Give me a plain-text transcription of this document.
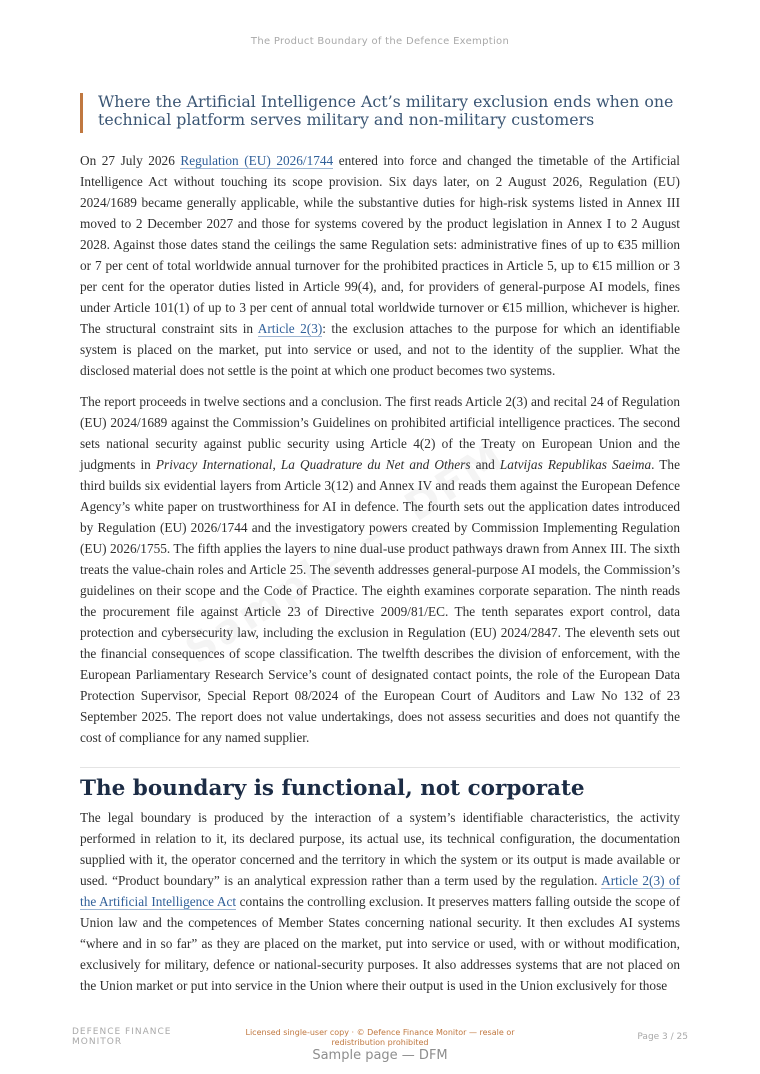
The Product Boundary of the Defence Exemption
Where the Artificial Intelligence Act’s military exclusion ends when one technical platform serves military and non-military customers

On 27 July 2026 Regulation (EU) 2026/1744 entered into force and changed the timetable of the Artificial Intelligence Act without touching its scope provision. Six days later, on 2 August 2026, Regulation (EU) 2024/1689 became generally applicable, while the substantive duties for high-risk systems listed in Annex III moved to 2 December 2027 and those for systems covered by the product legislation in Annex I to 2 August 2028. Against those dates stand the ceilings the same Regulation sets: administrative fines of up to €35 million or 7 per cent of total worldwide annual turnover for the prohibited practices in Article 5, up to €15 million or 3 per cent for the operator duties listed in Article 99(4), and, for providers of general-purpose AI models, fines under Article 101(1) of up to 3 per cent of annual total worldwide turnover or €15 million, whichever is higher. The structural constraint sits in Article 2(3): the exclusion attaches to the purpose for which an identifiable system is placed on the market, put into service or used, and not to the identity of the supplier. What the disclosed material does not settle is the point at which one product becomes two systems.

The report proceeds in twelve sections and a conclusion. The first reads Article 2(3) and recital 24 of Regulation (EU) 2024/1689 against the Commission’s Guidelines on prohibited artificial intelligence practices. The second sets national security against public security using Article 4(2) of the Treaty on European Union and the judgments in Privacy International, La Quadrature du Net and Others and Latvijas Republikas Saeima. The third builds six evidential layers from Article 3(12) and Annex IV and reads them against the European Defence Agency’s white paper on trustworthiness for AI in defence. The fourth sets out the application dates introduced by Regulation (EU) 2026/1744 and the investigatory powers created by Commission Implementing Regulation (EU) 2026/1755. The fifth applies the layers to nine dual-use product pathways drawn from Annex III. The sixth treats the value-chain roles and Article 25. The seventh addresses general-purpose AI models, the Commission’s guidelines on their scope and the Code of Practice. The eighth examines corporate separation. The ninth reads the procurement file against Article 23 of Directive 2009/81/EC. The tenth separates export control, data protection and cybersecurity law, including the exclusion in Regulation (EU) 2024/2847. The eleventh sets out the financial consequences of scope classification. The twelfth describes the division of enforcement, with the European Parliamentary Research Service’s count of designated contact points, the role of the European Data Protection Supervisor, Special Report 08/2024 of the European Court of Auditors and Law No 132 of 23 September 2025. The report does not value undertakings, does not assess securities and does not quantify the cost of compliance for any named supplier.

The boundary is functional, not corporate

The legal boundary is produced by the interaction of a system’s identifiable characteristics, the activity performed in relation to it, its declared purpose, its actual use, its technical configuration, the documentation supplied with it, the operator concerned and the territory in which the system or its output is made available or used. “Product boundary” is an analytical expression rather than a term used by the regulation. Article 2(3) of the Artificial Intelligence Act contains the controlling exclusion. It preserves matters falling outside the scope of Union law and the competences of Member States concerning national security. It then excludes AI systems “where and in so far” as they are placed on the market, put into service or used, with or without modification, exclusively for military, defence or national-security purposes. It also addresses systems that are not placed on the Union market or put into service in the Union where their output is used in the Union exclusively for those

DEFENCE FINANCE MONITOR
Licensed single-user copy · © Defence Finance Monitor — resale or redistribution prohibited
Page 3 / 25
Sample page — DFM
